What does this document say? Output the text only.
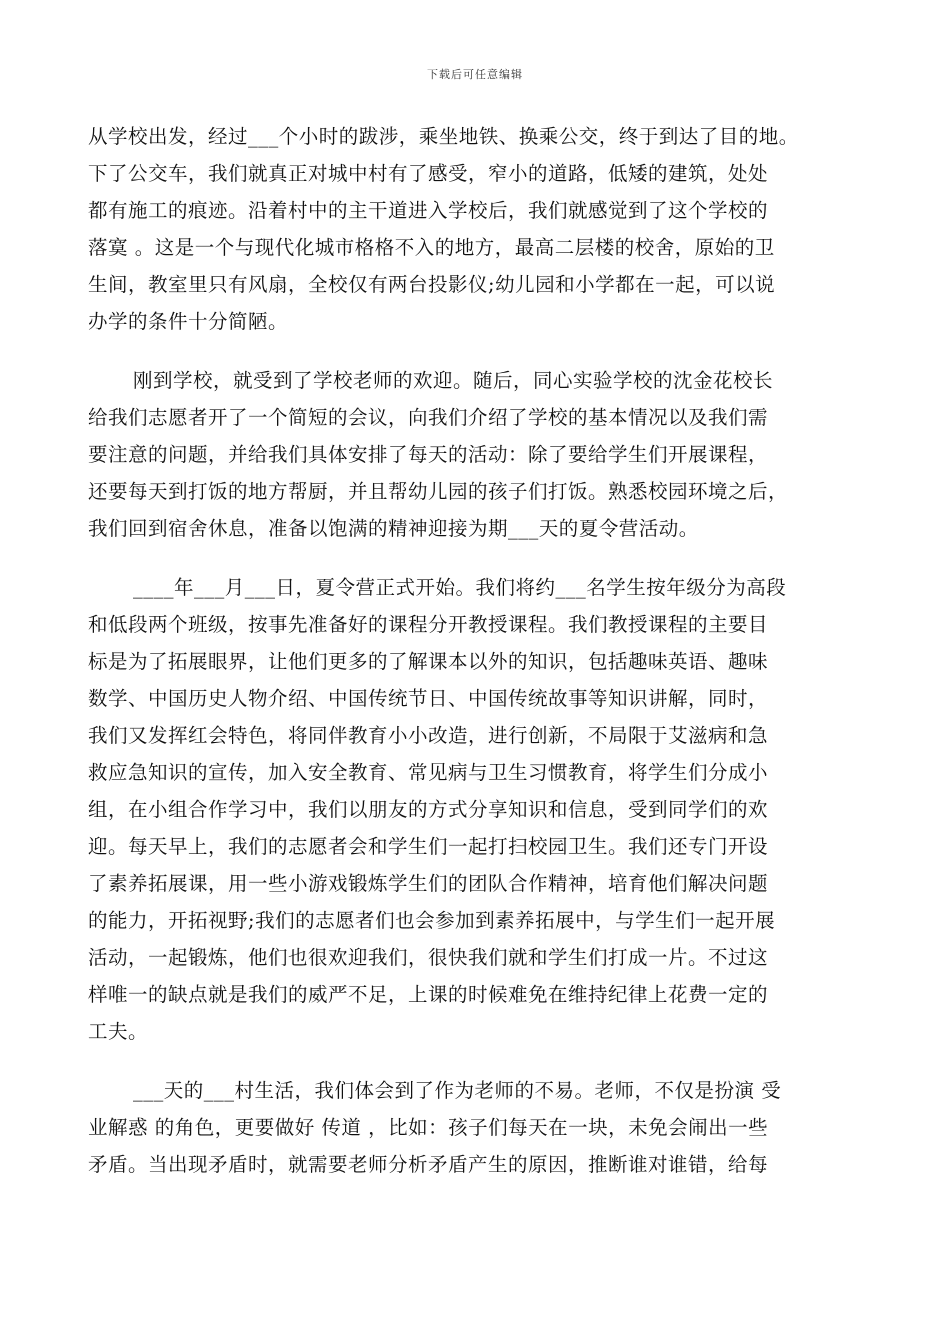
下载后可任意编辑
从学校出发，经过___个小时的跋涉，乘坐地铁、换乘公交，终于到达了目的地。
下了公交车，我们就真正对城中村有了感受，窄小的道路，低矮的建筑，处处
都有施工的痕迹。沿着村中的主干道进入学校后，我们就感觉到了这个学校的
落寞 。这是一个与现代化城市格格不入的地方，最高二层楼的校舍，原始的卫
生间，教室里只有风扇，全校仅有两台投影仪;幼儿园和小学都在一起，可以说
办学的条件十分简陋。
刚到学校，就受到了学校老师的欢迎。随后，同心实验学校的沈金花校长
给我们志愿者开了一个简短的会议，向我们介绍了学校的基本情况以及我们需
要注意的问题，并给我们具体安排了每天的活动：除了要给学生们开展课程，
还要每天到打饭的地方帮厨，并且帮幼儿园的孩子们打饭。熟悉校园环境之后，
我们回到宿舍休息，准备以饱满的精神迎接为期___天的夏令营活动。
____年___月___日，夏令营正式开始。我们将约___名学生按年级分为高段
和低段两个班级，按事先准备好的课程分开教授课程。我们教授课程的主要目
标是为了拓展眼界，让他们更多的了解课本以外的知识，包括趣味英语、趣味
数学、中国历史人物介绍、中国传统节日、中国传统故事等知识讲解，同时，
我们又发挥红会特色，将同伴教育小小改造，进行创新，不局限于艾滋病和急
救应急知识的宣传，加入安全教育、常见病与卫生习惯教育，将学生们分成小
组，在小组合作学习中，我们以朋友的方式分享知识和信息，受到同学们的欢
迎。每天早上，我们的志愿者会和学生们一起打扫校园卫生。我们还专门开设
了素养拓展课，用一些小游戏锻炼学生们的团队合作精神，培育他们解决问题
的能力，开拓视野;我们的志愿者们也会参加到素养拓展中，与学生们一起开展
活动，一起锻炼，他们也很欢迎我们，很快我们就和学生们打成一片。不过这
样唯一的缺点就是我们的威严不足，上课的时候难免在维持纪律上花费一定的
工夫。
___天的___村生活，我们体会到了作为老师的不易。老师，不仅是扮演 受
业解惑 的角色，更要做好 传道 ，比如：孩子们每天在一块，未免会闹出一些
矛盾。当出现矛盾时，就需要老师分析矛盾产生的原因，推断谁对谁错，给每
